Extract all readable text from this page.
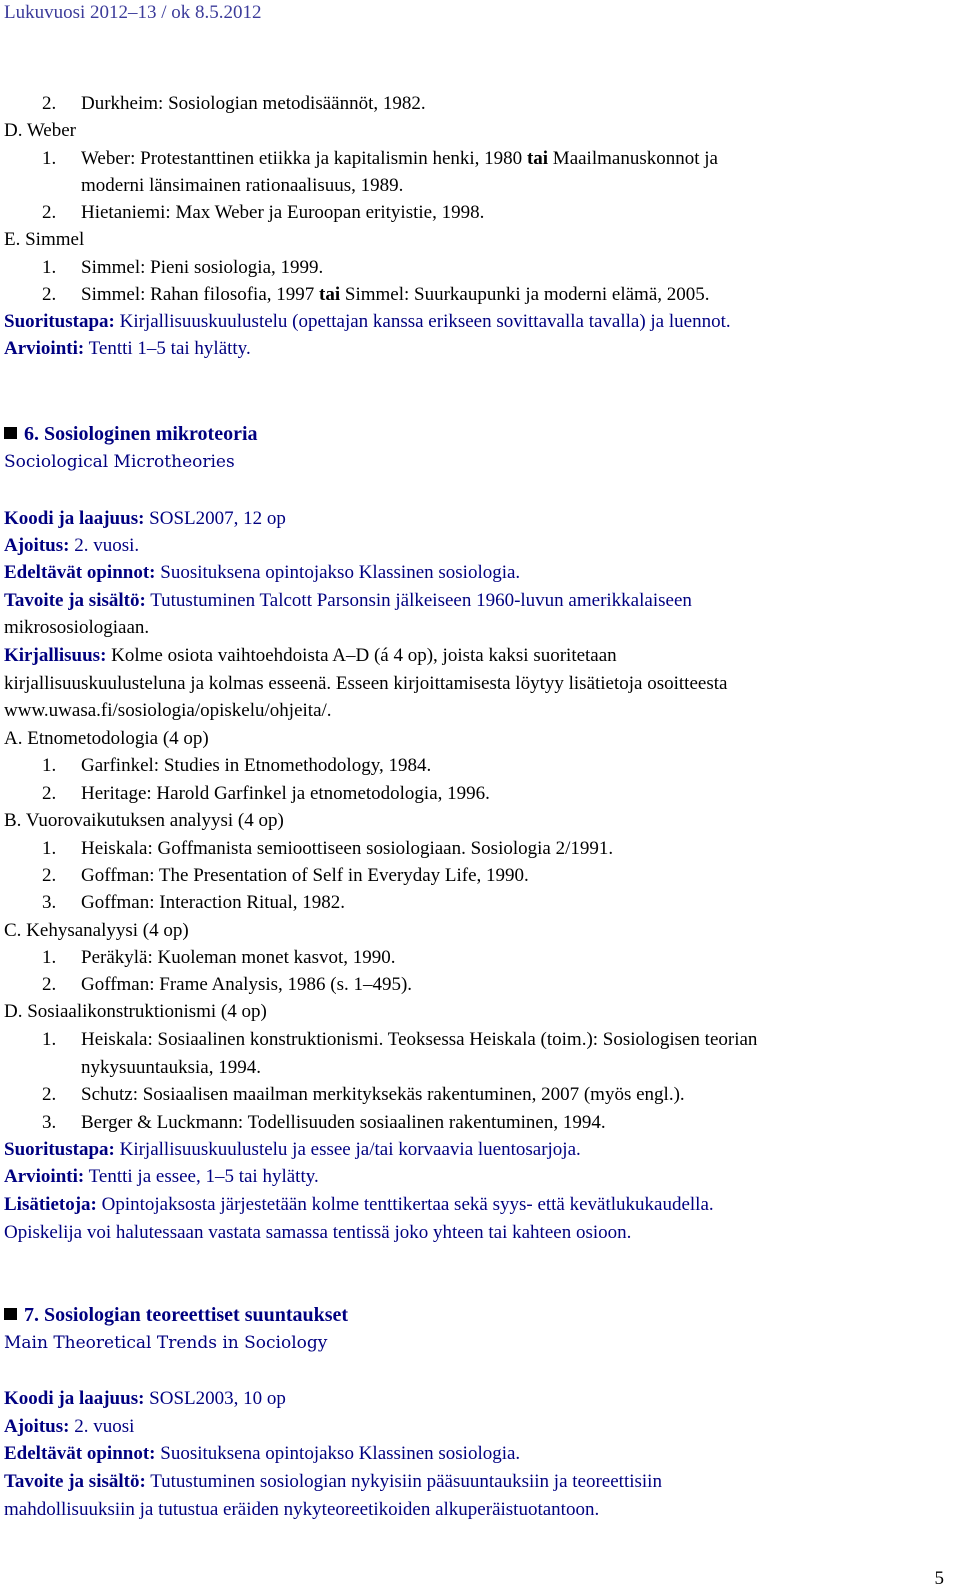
Lukuvuosi 2012–13 / ok 8.5.2012
2. Durkheim: Sosiologian metodisäännöt, 1982.
D. Weber
1. Weber: Protestanttinen etiikka ja kapitalismin henki, 1980 tai Maailmanuskonnot ja
moderni länsimainen rationaalisuus, 1989.
2. Hietaniemi: Max Weber ja Euroopan erityistie, 1998.
E. Simmel
1. Simmel: Pieni sosiologia, 1999.
2. Simmel: Rahan filosofia, 1997 tai Simmel: Suurkaupunki ja moderni elämä, 2005.
Suoritustapa: Kirjallisuuskuulustelu (opettajan kanssa erikseen sovittavalla tavalla) ja luennot.
Arviointi: Tentti 1–5 tai hylätty.
6. Sosiologinen mikroteoria
Sociological Microtheories
Koodi ja laajuus: SOSL2007, 12 op
Ajoitus: 2. vuosi.
Edeltävät opinnot: Suosituksena opintojakso Klassinen sosiologia.
Tavoite ja sisältö: Tutustuminen Talcott Parsonsin jälkeiseen 1960-luvun amerikkalaiseen
mikrososiologiaan.
Kirjallisuus: Kolme osiota vaihtoehdoista A–D (á 4 op), joista kaksi suoritetaan
kirjallisuuskuulusteluna ja kolmas esseenä. Esseen kirjoittamisesta löytyy lisätietoja osoitteesta
www.uwasa.fi/sosiologia/opiskelu/ohjeita/.
A. Etnometodologia (4 op)
1. Garfinkel: Studies in Etnomethodology, 1984.
2. Heritage: Harold Garfinkel ja etnometodologia, 1996.
B. Vuorovaikutuksen analyysi (4 op)
1. Heiskala: Goffmanista semioottiseen sosiologiaan. Sosiologia 2/1991.
2. Goffman: The Presentation of Self in Everyday Life, 1990.
3. Goffman: Interaction Ritual, 1982.
C. Kehysanalyysi (4 op)
1. Peräkylä: Kuoleman monet kasvot, 1990.
2. Goffman: Frame Analysis, 1986 (s. 1–495).
D. Sosiaalikonstruktionismi (4 op)
1. Heiskala: Sosiaalinen konstruktionismi. Teoksessa Heiskala (toim.): Sosiologisen teorian
nykysuuntauksia, 1994.
2. Schutz: Sosiaalisen maailman merkityksekäs rakentuminen, 2007 (myös engl.).
3. Berger & Luckmann: Todellisuuden sosiaalinen rakentuminen, 1994.
Suoritustapa: Kirjallisuuskuulustelu ja essee ja/tai korvaavia luentosarjoja.
Arviointi: Tentti ja essee, 1–5 tai hylätty.
Lisätietoja: Opintojaksosta järjestetään kolme tenttikertaa sekä syys- että kevätlukukaudella.
Opiskelija voi halutessaan vastata samassa tentissä joko yhteen tai kahteen osioon.
7. Sosiologian teoreettiset suuntaukset
Main Theoretical Trends in Sociology
Koodi ja laajuus: SOSL2003, 10 op
Ajoitus: 2. vuosi
Edeltävät opinnot: Suosituksena opintojakso Klassinen sosiologia.
Tavoite ja sisältö: Tutustuminen sosiologian nykyisiin pääsuuntauksiin ja teoreettisiin
mahdollisuuksiin ja tutustua eräiden nykyteoreetikoiden alkuperäistuotantoon.
5
